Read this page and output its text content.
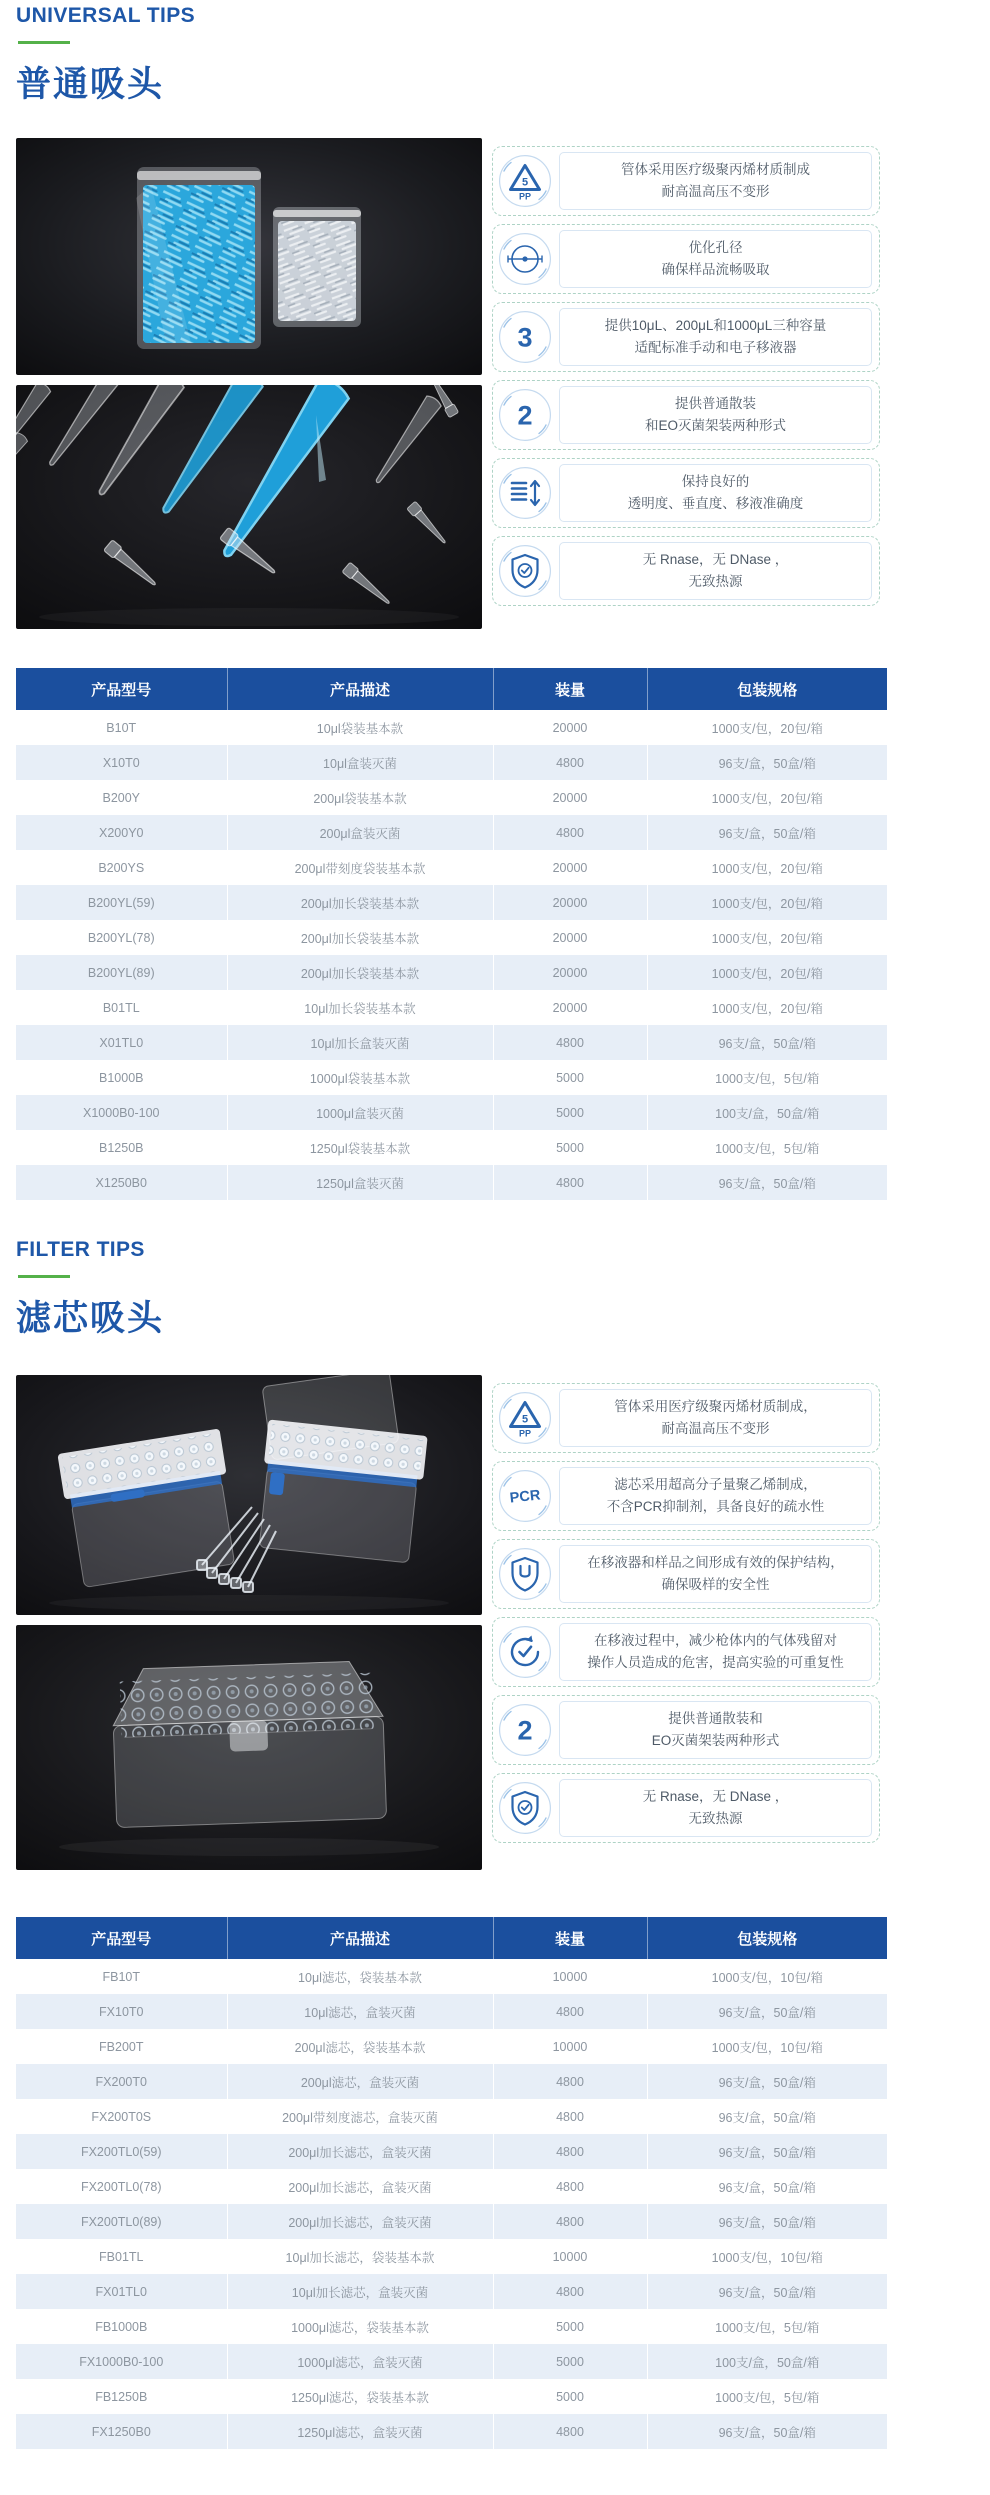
UNIVERSAL TIPS
普通吸头
5
PP
管体采用医疗级聚丙烯材质制成
耐高温高压不变形
优化孔径
确保样品流畅吸取
3	提供10μL、200μL和1000μL三种容量
适配标准手动和电子移液器
2	提供普通散装
和EO灭菌架装两种形式
保持良好的
透明度、垂直度、移液准确度
无 Rnase，无 DNase ，
无致热源
产品型号	产品描述	装量	包装规格
B10T	10μl袋装基本款	20000	1000支/包，20包/箱
X10T0	10μl盒装灭菌	4800	96支/盒，50盒/箱
B200Y	200μl袋装基本款	20000	1000支/包，20包/箱
X200Y0	200μl盒装灭菌	4800	96支/盒，50盒/箱
B200YS	200μl带刻度袋装基本款	20000	1000支/包，20包/箱
B200YL(59)	200μl加长袋装基本款	20000	1000支/包，20包/箱
B200YL(78)	200μl加长袋装基本款	20000	1000支/包，20包/箱
B200YL(89)	200μl加长袋装基本款	20000	1000支/包，20包/箱
B01TL	10μl加长袋装基本款	20000	1000支/包，20包/箱
X01TL0	10μl加长盒装灭菌	4800	96支/盒，50盒/箱
B1000B	1000μl袋装基本款	5000	1000支/包，5包/箱
X1000B0-100	1000μl盒装灭菌	5000	100支/盒，50盒/箱
B1250B	1250μl袋装基本款	5000	1000支/包，5包/箱
X1250B0	1250μl盒装灭菌	4800	96支/盒，50盒/箱
FILTER TIPS
滤芯吸头
5
PP
管体采用医疗级聚丙烯材质制成，
耐高温高压不变形
PCR
滤芯采用超高分子量聚乙烯制成，
不含PCR抑制剂，具备良好的疏水性
在移液器和样品之间形成有效的保护结构，
确保吸样的安全性
在移液过程中，减少枪体内的气体残留对
操作人员造成的危害，提高实验的可重复性
2	提供普通散装和
EO灭菌架装两种形式
无 Rnase，无 DNase ，
无致热源
产品型号	产品描述	装量	包装规格
FB10T	10μl滤芯，袋装基本款	10000	1000支/包，10包/箱
FX10T0	10μl滤芯，盒装灭菌	4800	96支/盒，50盒/箱
FB200T	200μl滤芯，袋装基本款	10000	1000支/包，10包/箱
FX200T0	200μl滤芯，盒装灭菌	4800	96支/盒，50盒/箱
FX200T0S	200μl带刻度滤芯，盒装灭菌	4800	96支/盒，50盒/箱
FX200TL0(59)	200μl加长滤芯，盒装灭菌	4800	96支/盒，50盒/箱
FX200TL0(78)	200μl加长滤芯，盒装灭菌	4800	96支/盒，50盒/箱
FX200TL0(89)	200μl加长滤芯，盒装灭菌	4800	96支/盒，50盒/箱
FB01TL	10μl加长滤芯，袋装基本款	10000	1000支/包，10包/箱
FX01TL0	10μl加长滤芯，盒装灭菌	4800	96支/盒，50盒/箱
FB1000B	1000μl滤芯，袋装基本款	5000	1000支/包，5包/箱
FX1000B0-100	1000μl滤芯，盒装灭菌	5000	100支/盒，50盒/箱
FB1250B	1250μl滤芯，袋装基本款	5000	1000支/包，5包/箱
FX1250B0	1250μl滤芯，盒装灭菌	4800	96支/盒，50盒/箱
